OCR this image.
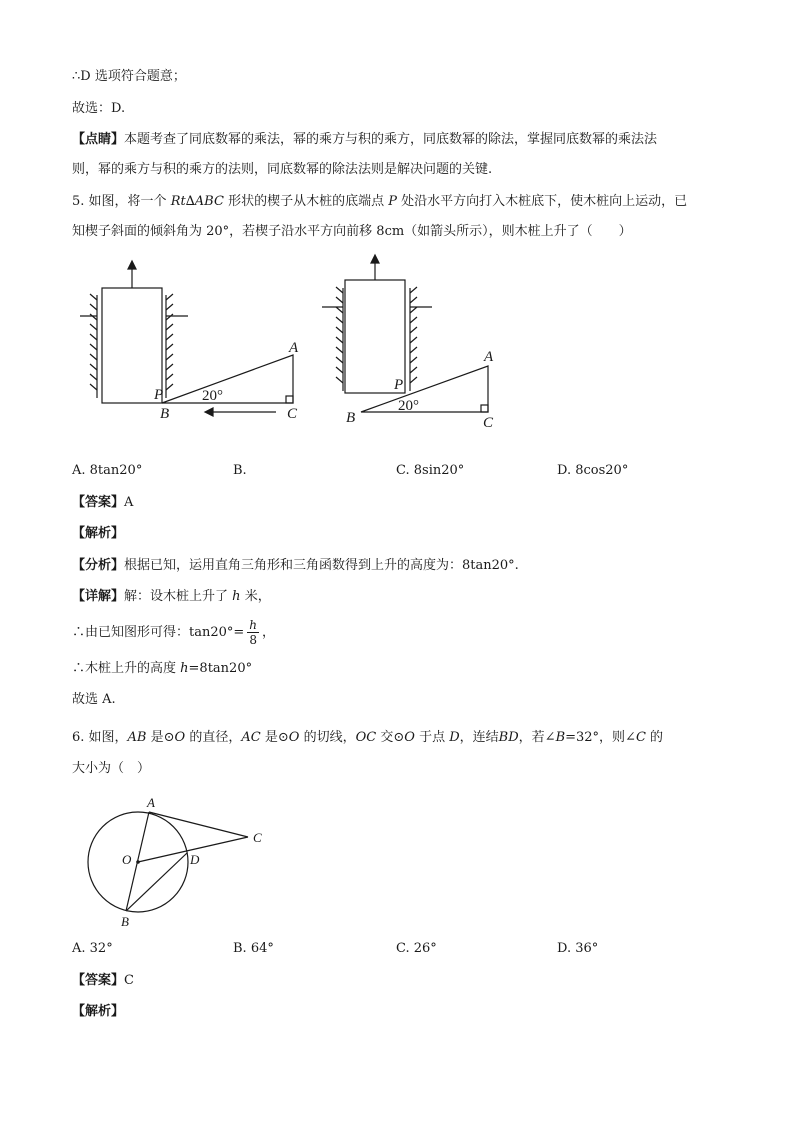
∴D 选项符合题意；
故选：D.
【点睛】本题考查了同底数幂的乘法，幂的乘方与积的乘方，同底数幂的除法，掌握同底数幂的乘法法
则，幂的乘方与积的乘方的法则，同底数幂的除法法则是解决问题的关键.
5. 如图，将一个 Rt∆ABC 形状的楔子从木桩的底端点 P 处沿水平方向打入木桩底下，使木桩向上运动，已
知楔子斜面的倾斜角为 20°，若楔子沿水平方向前移 8cm（如箭头所示），则木桩上升了（　　）
P
B	C
A
20°
P
B	C
A
20°
A. 8tan20°	B.	C. 8sin20°	D. 8cos20°
【答案】A
【解析】
【分析】根据已知，运用直角三角形和三角函数得到上升的高度为：8tan20°.
【详解】解：设木桩上升了 h 米，
∴由已知图形可得：$\tan 20^\circ= \frac{h}{8}$ ，
∴木桩上升的高度 h=8tan20°
故选 A.
6. 如图，AB 是⊙O 的直径，AC 是⊙O 的切线，OC 交⊙O 于点 D，连结BD，若∠B=32°，则∠C 的
大小为（　）
A
B
C
D
O
A. 32°	B. 64°	C. 26°	D. 36°
【答案】C
【解析】
